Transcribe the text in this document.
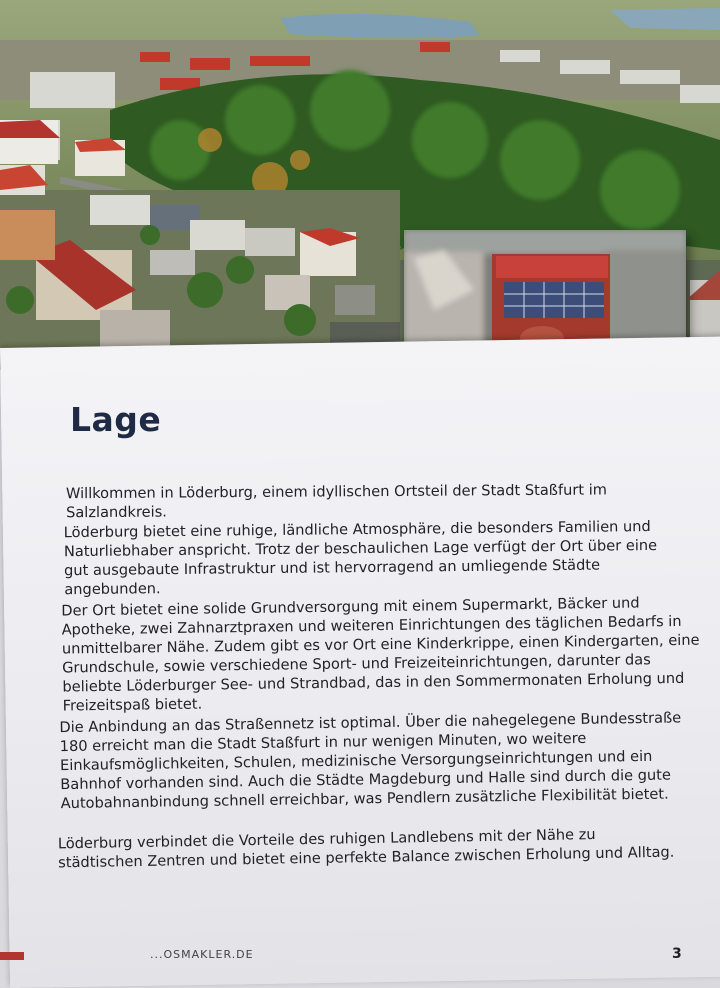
Lage

Willkommen in Löderburg, einem idyllischen Ortsteil der Stadt Staßfurt im Salzlandkreis.

Löderburg bietet eine ruhige, ländliche Atmosphäre, die besonders Familien und Naturliebhaber anspricht. Trotz der beschaulichen Lage verfügt der Ort über eine gut ausgebaute Infrastruktur und ist hervorragend an umliegende Städte angebunden.

Der Ort bietet eine solide Grundversorgung mit einem Supermarkt, Bäcker und Apotheke, zwei Zahnarztpraxen und weiteren Einrichtungen des täglichen Bedarfs in unmittelbarer Nähe. Zudem gibt es vor Ort eine Kinderkrippe, einen Kindergarten, eine Grundschule, sowie verschiedene Sport- und Freizeiteinrichtungen, darunter das beliebte Löderburger See- und Strandbad, das in den Sommermonaten Erholung und Freizeitspaß bietet.

Die Anbindung an das Straßennetz ist optimal. Über die nahegelegene Bundesstraße 180 erreicht man die Stadt Staßfurt in nur wenigen Minuten, wo weitere Einkaufsmöglichkeiten, Schulen, medizinische Versorgungseinrichtungen und ein Bahnhof vorhanden sind. Auch die Städte Magdeburg und Halle sind durch die gute Autobahnanbindung schnell erreichbar, was Pendlern zusätzliche Flexibilität bietet.

Löderburg verbindet die Vorteile des ruhigen Landlebens mit der Nähe zu städtischen Zentren und bietet eine perfekte Balance zwischen Erholung und Alltag.

...OSMAKLER.DE	3
